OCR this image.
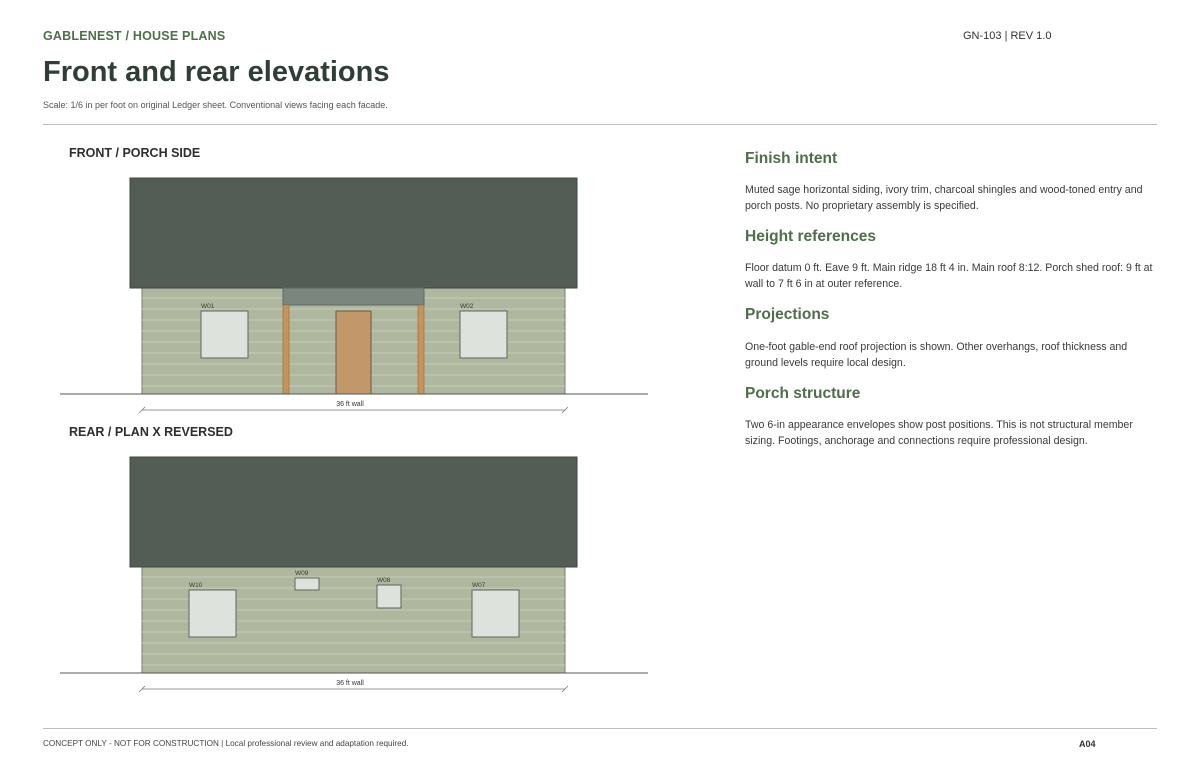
GABLENEST / HOUSE PLANS	GN-103 | REV 1.0
Front and rear elevations
Scale: 1/6 in per foot on original Ledger sheet. Conventional views facing each facade.
FRONT / PORCH SIDE
W01	W02
36 ft wall
REAR / PLAN X REVERSED
W10
W09
W08
W07
36 ft wall
Finish intent

Muted sage horizontal siding, ivory trim, charcoal shingles and wood-toned entry and porch posts. No proprietary assembly is specified.

Height references

Floor datum 0 ft. Eave 9 ft. Main ridge 18 ft 4 in. Main roof 8:12. Porch shed roof: 9 ft at wall to 7 ft 6 in at outer reference.

Projections

One-foot gable-end roof projection is shown. Other overhangs, roof thickness and ground levels require local design.

Porch structure

Two 6-in appearance envelopes show post positions. This is not structural member sizing. Footings, anchorage and connections require professional design.

CONCEPT ONLY - NOT FOR CONSTRUCTION | Local professional review and adaptation required.	A04
